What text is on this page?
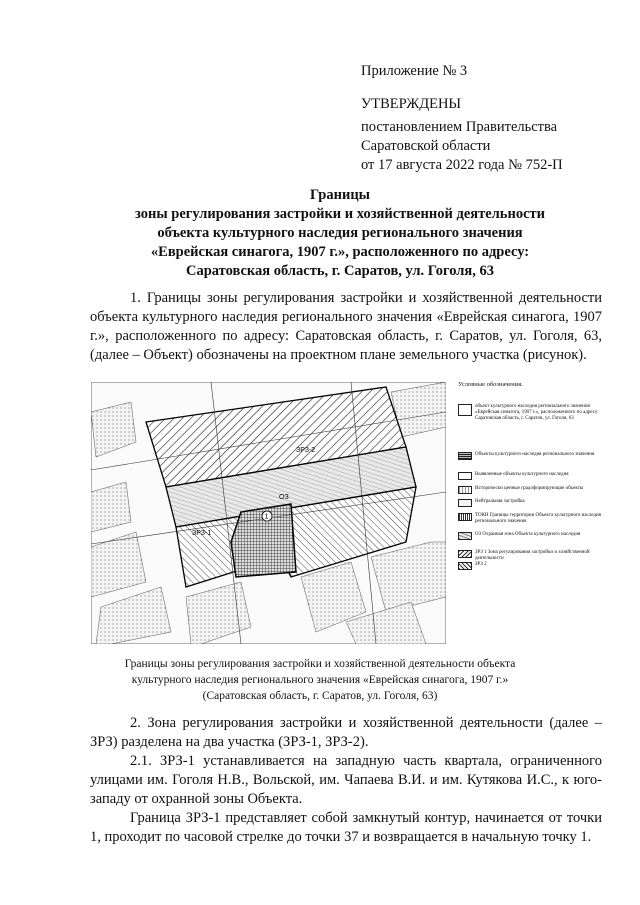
Приложение № 3
УТВЕРЖДЕНЫ
постановлением Правительства
Саратовской области
от 17 августа 2022 года № 752-П
Границы
зоны регулирования застройки и хозяйственной деятельности
объекта культурного наследия регионального значения
«Еврейская синагога, 1907 г.», расположенного по адресу:
Саратовская область, г. Саратов, ул. Гоголя, 63
1. Границы зоны регулирования застройки и хозяйственной деятельности объекта культурного наследия регионального значения «Еврейская синагога, 1907 г.», расположенного по адресу: Саратовская область, г. Саратов, ул. Гоголя, 63, (далее – Объект) обозначены на проектном плане земельного участка (рисунок).
ЗРЗ-2
ОЗ
ЗРЗ-1
1
Условные обозначения.
объект культурного наследия регионального значения «Еврейская синагога, 1907 г.», расположенного по адресу: Саратовская область, г. Саратов, ул. Гоголя, 63
Объекты культурного наследия регионального значения
Выявленные объекты культурного наследия
Исторически ценные градоформирующие объекты
Нейтральная застройка
ТОКН Границы территории Объекта культурного наследия регионального значения
ОЗ Охранная зона Объекта культурного наследия
ЗРЗ 1 Зона регулирования застройки и хозяйственной деятельности
ЗРЗ 2
Границы зоны регулирования застройки и хозяйственной деятельности объекта
культурного наследия регионального значения «Еврейская синагога, 1907 г.»
(Саратовская область, г. Саратов, ул. Гоголя, 63)
2. Зона регулирования застройки и хозяйственной деятельности (далее – ЗРЗ) разделена на два участка (ЗРЗ-1, ЗРЗ-2).
2.1. ЗРЗ-1 устанавливается на западную часть квартала, ограниченного улицами им. Гоголя Н.В., Вольской, им. Чапаева В.И. и им. Кутякова И.С., к юго-западу от охранной зоны Объекта.
Граница ЗРЗ-1 представляет собой замкнутый контур, начинается от точки 1, проходит по часовой стрелке до точки 37 и возвращается в начальную точку 1.
